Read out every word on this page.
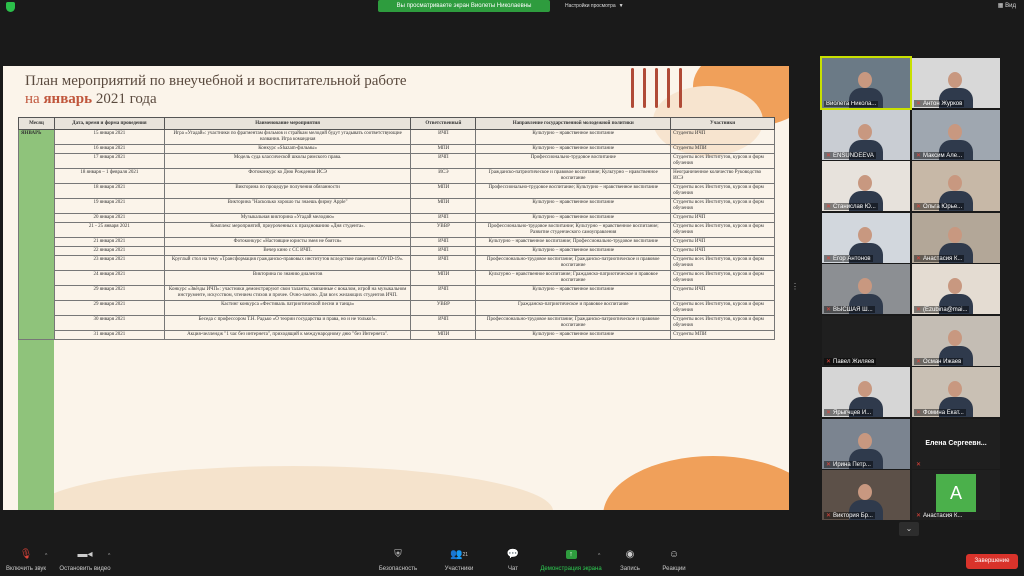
Вы просматриваете экран Виолеты Николаевны	Настройки просмотра ▼	▦ Вид
План мероприятий по внеучебной и воспитательной работе
на январь 2021 года
Месяц	Дата, время и форма проведения	Наименование мероприятия	Ответственный	Направление государственной молодежной политики	Участники
ЯНВАРЬ	15 января 2021	Игра «Угадай»: участники по фрагментам фильмов и страйкам мелодий будут угадывать соответствующие названия. Игра командная	ИЧП	Культурно – нравственное воспитание	Студенты ИЧП
	16 января 2021	Конкурс «Shazam-фильмы»	МПИ	Культурно – нравственное воспитание	Студенты МПИ
	17 января 2021	Модель суда классической школы римского права.	ИЧП	Профессионально-трудовое воспитание	Студенты всех Институтов, курсов и форм обучения
	18 января – 1 февраля 2021	Фотоконкурс ко Дню Рождения ИСЭ	ИСЭ	Гражданско-патриотическое и правовое воспитание; Культурно – нравственное воспитание	Неограниченное количество Руководство ИСЭ
	18 января 2021	Викторина по процедуре получения обязанности	МПИ	Профессионально-трудовое воспитание; Культурно – нравственное воспитание	Студенты всех Институтов, курсов и форм обучения
	19 января 2021	Викторина "Насколько хорошо ты знаешь фирму Apple"	МПИ	Культурно – нравственное воспитание	Студенты всех Институтов, курсов и форм обучения
	20 января 2021	Музыкальная викторина «Угадай мелодию»	ИЧП	Культурно – нравственное воспитание	Студенты ИЧП
	21 - 25 января 2021	Комплекс мероприятий, приуроченных к празднованию «Дня студента».	УВВР	Профессионально-трудовое воспитание; Культурно – нравственное воспитание; Развитие студенческого самоуправления	Студенты всех Институтов, курсов и форм обучения
	21 января 2021	Фотоконкурс «Настоящие юристы змея не боятся»	ИЧП	Культурно – нравственное воспитание; Профессионально-трудовое воспитание	Студенты ИЧП
	22 января 2021	Вечер кино с СС ИЧП.	ИЧП	Культурно – нравственное воспитание	Студенты ИЧП
	23 января 2021	Круглый стол на тему «Трансформация гражданско-правовых институтов вследствие пандемии COVID-19».	ИЧП	Профессионально-трудовое воспитание; Гражданско-патриотическое и правовое воспитание	Студенты всех Институтов, курсов и форм обучения
	24 января 2021	Викторина по знанию диалектов	МПИ	Культурно – нравственное воспитание; Гражданско-патриотическое и правовое воспитание	Студенты всех Институтов, курсов и форм обучения
	29 января 2021	Конкурс «Звёзды ИЧП»: участники демонстрируют свои таланты, связанные с вокалом, игрой на музыкальном инструменте, искусством, чтением стихов и прочее. Очно-заочно. Для всех желающих студентов ИЧП.	ИЧП	Культурно – нравственное воспитание	Студенты ИЧП
	29 января 2021	Кастинг конкурса «Фестиваль патриотической песни и танца»	УВВР	Гражданско-патриотическое и правовое воспитание	Студенты всех Институтов, курсов и форм обучения
	30 января 2021	Беседа с профессором Т.Н. Радько «О теории государства и права, но и не только!».	ИЧП	Профессионально-трудовое воспитание; Гражданско-патриотическое и правовое воспитание	Студенты всех Институтов, курсов и форм обучения
	31 января 2021	Акция-челлендж "1 час без интернета", приходящий к международному дню "без Интернета".	МПИ	Культурно – нравственное воспитание	Студенты МПИ
⋮
⌄
🎙
Включить звук
^	▬◂
Остановить видео
^	⛨
Безопасность
👥$^{21}$
Участники
💬
Чат
↑
Демонстрация экрана
^	◉
Запись
☺
Реакции
Завершение
Виолета Никола...	✕ Антон Журков
✕ ENSUNDEEVA	✕ Максим Але...
✕ Станислав Ю...	✕ Ольга Юрье...
✕ Егор Антонов	✕ Анастасия К...
✕ ВЫСШАЯ Ш...	✕ (Еzubina@mai...
✕ Павел Жиляев	✕ Осман Ижаев
✕ Ярыгчцев И...	✕ Фомина Екат...
✕ Ирина Петр...
Елена Сергеевн...
✕
✕ Виктория Бр...
A
✕ Анастасия К...
